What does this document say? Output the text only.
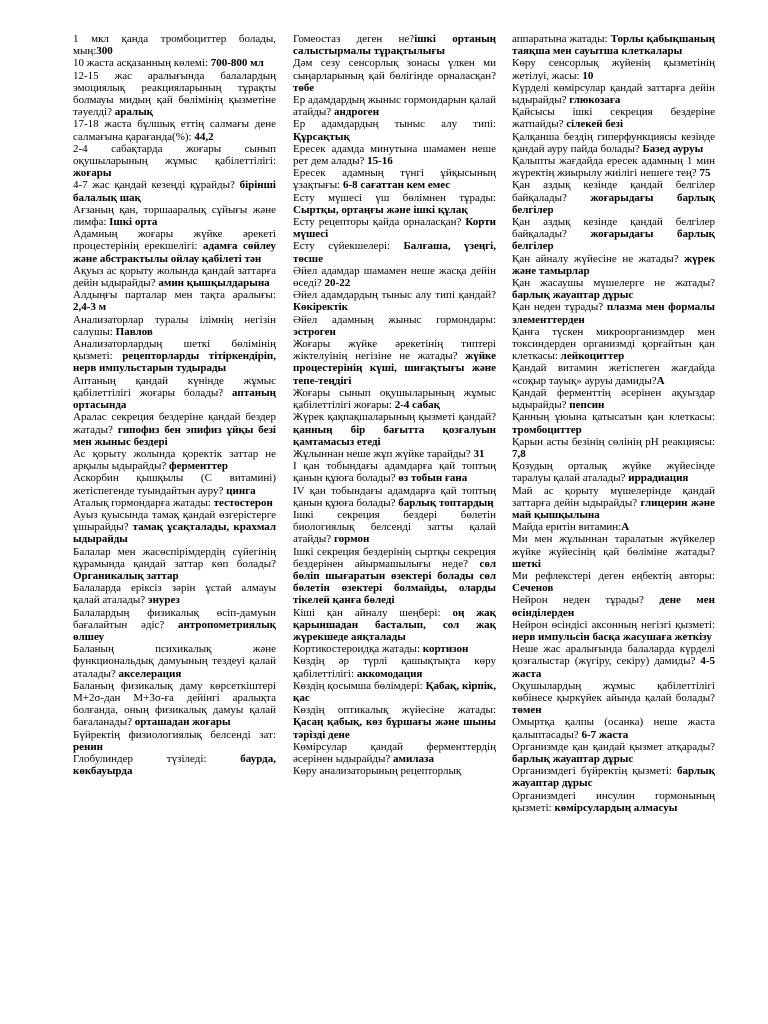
1 мкл қанда тромбоциттер болады, мың:300

10 жаста асқазанның көлемі: 700-800 мл

12-15 жас аралығында балалардың эмоциялық реакцияларының тұрақты болмауы мидың қай бөлімінің қызметіне тәуелді? аралық

17-18 жаста бұлшық еттің салмағы дене салмағына қарағанда(%): 44,2

2-4 сабақтарда жоғары сынып оқушыларының жұмыс қабілеттілігі: жоғары

4-7 жас қандай кезеңді құрайды? бірінші балалық шақ

Ағзаның қан, торшааралық сұйығы және лимфа: Ішкі орта

Адамның жоғары жүйке әрекеті процестерінің ерекшелігі: адамға сөйлеу және абстрактылы ойлау қабілеті тән

Ақуыз ас қорыту жолында қандай заттарға дейін ыдырайды? амин қышқылдарына

Алдыңғы парталар мен тақта аралығы: 2,4-3 м

Анализаторлар туралы ілімнің негізін салушы: Павлов

Анализаторлардың шеткі бөлімінің қызметі: рецепторларды тітіркендіріп, нерв импульстарын тудырады

Аптаның қандай күнінде жұмыс қабілеттілігі жоғары болады? аптаның ортасында

Аралас секреция бездеріне қандай бездер жатады? гипофиз бен эпифиз ұйқы безі мен жыныс бездері

Ас қорыту жолында қоректік заттар не арқылы ыдырайды? ферменттер

Аскорбин қышқылы (С витамині) жетіспегенде туындайтын ауру? цинга

Аталық гормондарға жатады: тестостерон

Ауыз қуысында тамақ қандай өзгерістерге ұшырайды? тамақ ұсақталады, крахмал ыдырайды

Балалар мен жасөспірімдердің сүйегінің құрамында қандай заттар көп болады? Органикалық заттар

Балаларда еріксіз зәрін ұстай алмауы қалай аталады? энурез

Балалардың физикалық өсіп-дамуын бағалайтын әдіс? антропометриялық өлшеу

Баланың психикалық және функциональдық дамуының тездеуі қалай аталады? акселерация

Баланың физикалық даму көрсеткіштері М+2σ-дан М+3σ-ға дейінгі аралықта болғанда, оның физикалық дамуы қалай бағаланады? орташадан жоғары

Бүйректің физиологиялық белсенді зат: ренин

Глобулиндер түзіледі: баурда, көкбауырда

Гомеостаз деген не?ішкі ортаның салыстырмалы тұрақтылығы

Дәм сезу сенсорлық зонасы үлкен ми сыңарларының қай бөлігінде орналасқан? төбе

Ер адамдардың жыныс гормондарын қалай атайды? андроген

Ер адамдардың тыныс алу типі: Құрсақтық

Ересек адамда минутына шамамен неше рет дем алады? 15-16

Ересек адамның түнгі ұйқысының ұзақтығы: 6-8 сағаттан кем емес

Есту мүшесі үш бөлімнен тұрады: Сыртқы, ортаңғы және ішкі құлақ

Есту рецепторы қайда орналасқан? Корти мүшесі

Есту сүйекшелері: Балғаша, үзеңгі, төсше

Әйел адамдар шамамен неше жасқа дейін өседі? 20-22

Әйел адамдардың тыныс алу типі қандай? Көкіректік

Әйел адамның жыныс гормондары: эстроген

Жоғары жүйке әрекетінің типтері жіктелуінің негізіне не жатады? жүйке процестерінің күші, шиғақтығы және тепе-теңдігі

Жоғары сынып оқушыларының жұмыс қабілеттілігі жоғары: 2-4 сабақ

Жүрек қақпақшаларының қызметі қандай? қанның бір бағытта қозғалуын қамтамасыз етеді

Жұлыннан неше жұп жүйке тарайды? 31

І қан тобындағы адамдарға қай топтың қанын құюға болады? өз тобын ғана

ІV қан тобындағы адамдарға қай топтың қанын құюға болады? барлық топтардың

Ішкі секреция бездері бөлетін биологиялық белсенді затты қалай атайды? гормон

Ішкі секреция бездерінің сыртқы секреция бездерінен айырмашылығы неде? сөл бөліп шығаратын өзектері болады сөл бөлетін өзектері болмайды, оларды тікелей қанға бөледі

Кіші қан айналу шеңбері: оң жақ қарыншадан басталып, сол жақ жүрекшеде аяқталады

Кортикостероидқа жатады: кортизон

Көздің әр түрлі қашықтықта көру қабілеттілігі: аккомодация

Көздің қосымша бөлімдері: Қабақ, кірпік, қас

Көздің оптикалық жүйесіне жатады: Қасаң қабық, көз бұршағы және шыны тәрізді дене

Көмірсулар қандай ферменттердің әсерінен ыдырайды? амилаза

Көру анализаторының рецепторлық

аппаратына жатады: Торлы қабықшаның таяқша мен сауытша клеткалары

Көру сенсорлық жүйенің қызметінің жетілуі, жасы: 10

Күрделі көмірсулар қандай заттарға дейін ыдырайды? глюкозаға

Қайсысы ішкі секреция бездеріне жатпайды? сілекей безі

Қалқанша бездің гиперфункциясы кезінде қандай ауру пайда болады? Базед ауруы

Қалыпты жағдайда ересек адамның 1 мин жүректің жиырылу жиілігі нешеге тең? 75

Қан аздық кезінде қандай белгілер байқалады? жоғарыдағы барлық белгілер

Қан аздық кезінде қандай белгілер байқалады? жоғарыдағы барлық белгілер

Қан айналу жүйесіне не жатады? жүрек және тамырлар

Қан жасаушы мүшелерге не жатады? барлық жауаптар дұрыс

Қан неден тұрады? плазма мен формалы элементтерден

Қанға түскен микроорганизмдер мен токсиндерден организмді қорғайтын қан клеткасы: лейкоциттер

Қандай витамин жетіспеген жағдайда «соқыр тауық» ауруы дамиды?А

Қандай ферменттің әсерінен ақуыздар ыдырайды? пепсин

Қанның ұюына қатысатын қан клеткасы: тромбоциттер

Қарын асты безінің сөлінің рН реакциясы: 7,8

Қозудың орталық жүйке жүйесінде таралуы қалай аталады? иррадиация

Май ас қорыту мүшелерінде қандай заттарға дейін ыдырайды? глицерин және май қышқылына

Майда еритін витамин:А

Ми мен жұлыннан таралатын жүйкелер жүйке жүйесінің қай бөліміне жатады? шеткі

Ми рефлекстері деген еңбектің авторы: Сеченов

Нейрон неден тұрады? дене мен өсінділерден

Нейрон өсіндісі аксонның негізгі қызметі: нерв импульсін басқа жасушаға жеткізу

Неше жас аралығында балаларда күрделі қозғалыстар (жүгіру, секіру) дамиды? 4-5 жаста

Оқушылардың жұмыс қабілеттілігі көбінесе қыркүйек айында қалай болады? төмен

Омыртқа қалпы (осанка) неше жаста қалыптасады? 6-7 жаста

Организмде қан қандай қызмет атқарады? барлық жауаптар дұрыс

Организмдегі бүйректің қызметі: барлық жауаптар дұрыс

Организмдегі инсулин гормонының қызметі: көмірсулардың алмасуы
